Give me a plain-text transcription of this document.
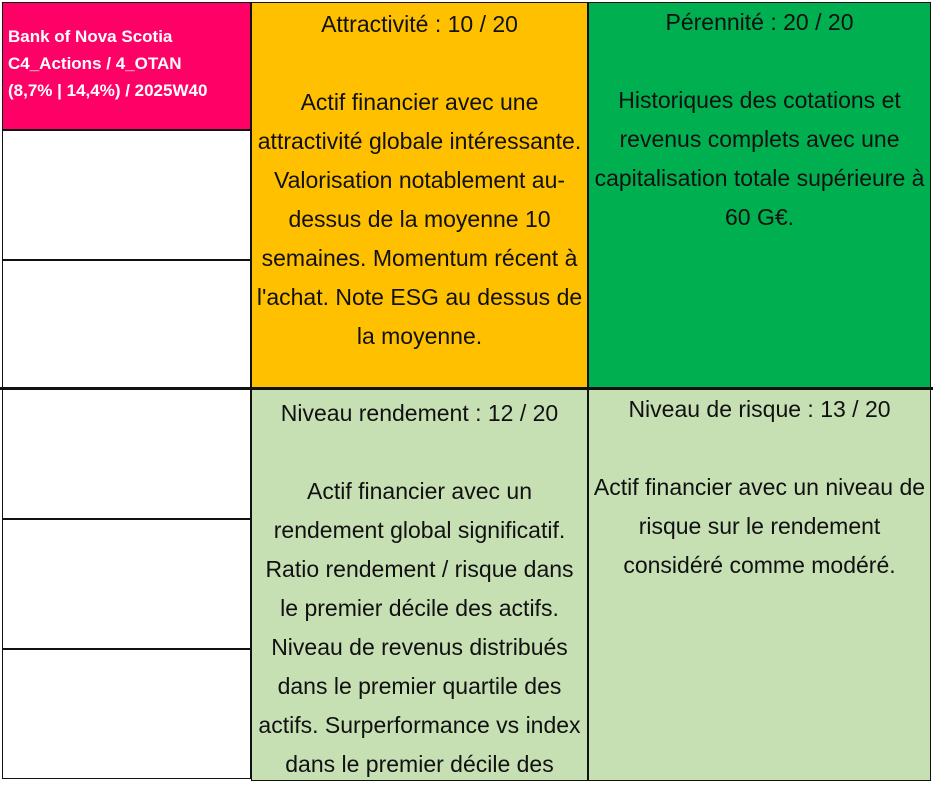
Bank of Nova Scotia
C4_Actions / 4_OTAN
(8,7% | 14,4%) / 2025W40
Attractivité : 10 / 20
Actif financier avec une attractivité globale intéressante. Valorisation notablement au-dessus de la moyenne 10 semaines. Momentum récent à l'achat. Note ESG au dessus de la moyenne.
Pérennité : 20 / 20
Historiques des cotations et revenus complets avec une capitalisation totale supérieure à 60 G€.
Niveau rendement : 12 / 20
Actif financier avec un rendement global significatif. Ratio rendement / risque dans le premier décile des actifs. Niveau de revenus distribués dans le premier quartile des actifs. Surperformance vs index dans le premier décile des
Niveau de risque : 13 / 20
Actif financier avec un niveau de risque sur le rendement considéré comme modéré.
